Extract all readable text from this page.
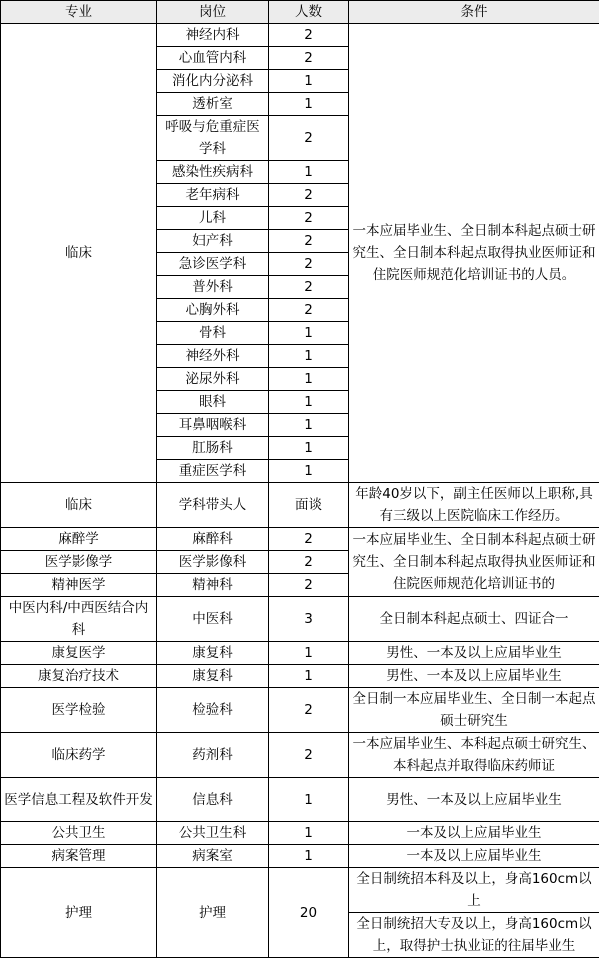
专业	岗位	人数	条件
临床	神经内科	2	一本应届毕业生、全日制本科起点硕士研究生、全日制本科起点取得执业医师证和住院医师规范化培训证书的人员。
	心血管内科	2	
	消化内分泌科	1	
	透析室	1	
	呼吸与危重症医学科	2	
	感染性疾病科	1	
	老年病科	2	
	儿科	2	
	妇产科	2	
	急诊医学科	2	
	普外科	2	
	心胸外科	2	
	骨科	1	
	神经外科	1	
	泌尿外科	1	
	眼科	1	
	耳鼻咽喉科	1	
	肛肠科	1	
	重症医学科	1	
临床	学科带头人	面谈	年龄40岁以下，副主任医师以上职称,具有三级以上医院临床工作经历。
麻醉学	麻醉科	2	一本应届毕业生、全日制本科起点硕士研究生、全日制本科起点取得执业医师证和住院医师规范化培训证书的
医学影像学	医学影像科	2	
精神医学	精神科	2	
中医内科/中西医结合内科	中医科	3	全日制本科起点硕士、四证合一
康复医学	康复科	1	男性、一本及以上应届毕业生
康复治疗技术	康复科	1	男性、一本及以上应届毕业生
医学检验	检验科	2	全日制一本应届毕业生、全日制一本起点硕士研究生
临床药学	药剂科	2	一本应届毕业生、本科起点硕士研究生、本科起点并取得临床药师证
医学信息工程及软件开发	信息科	1	男性、一本及以上应届毕业生
公共卫生	公共卫生科	1	一本及以上应届毕业生
病案管理	病案室	1	一本及以上应届毕业生
护理	护理	20	全日制统招本科及以上，身高160cm以上
			全日制统招大专及以上，身高160cm以上，取得护士执业证的往届毕业生
